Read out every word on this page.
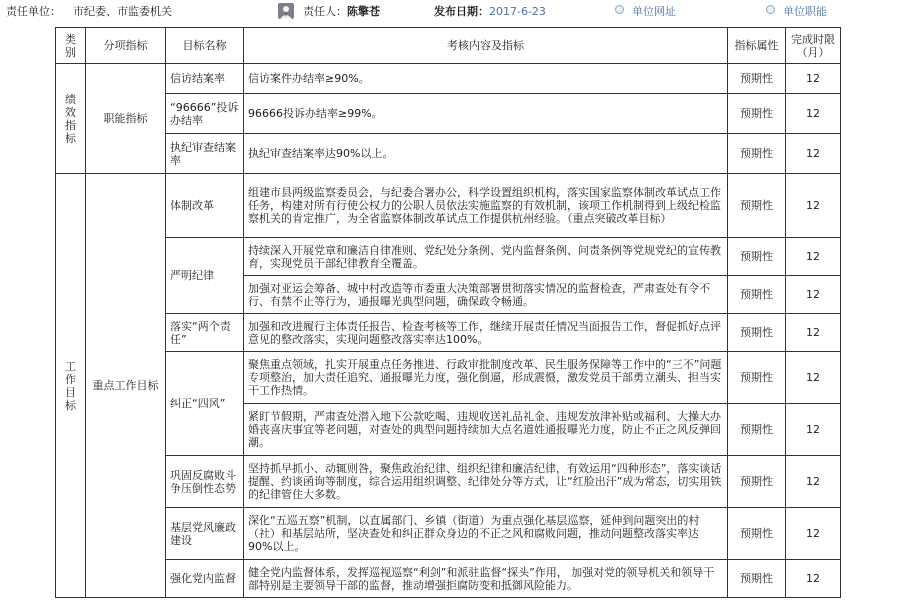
责任单位： 市纪委、市监委机关	责任人：陈擎苍	发布日期：2017-6-23	单位网址	单位职能
类别	分项指标	目标名称	考核内容及指标	指标属性	完成时限（月）
绩效指标	职能指标	信访结案率	信访案件办结率≥90%。	预期性	12
		“96666”投诉办结率	96666投诉办结率≥99%。	预期性	12
		执纪审查结案率	执纪审查结案率达90%以上。	预期性	12
工作目标	重点工作目标	体制改革	组建市县两级监察委员会，与纪委合署办公，科学设置组织机构，落实国家监察体制改革试点工作任务，构建对所有行使公权力的公职人员依法实施监察的有效机制，该项工作机制得到上级纪检监察机关的肯定推广，为全省监察体制改革试点工作提供杭州经验。（重点突破改革目标）	预期性	12
		严明纪律	持续深入开展党章和廉洁自律准则、党纪处分条例、党内监督条例、问责条例等党规党纪的宣传教育，实现党员干部纪律教育全覆盖。	预期性	12
			加强对亚运会筹备、城中村改造等市委重大决策部署贯彻落实情况的监督检查，严肃查处有令不行、有禁不止等行为，通报曝光典型问题，确保政令畅通。	预期性	12
		落实“两个责任”	加强和改进履行主体责任报告、检查考核等工作，继续开展责任情况当面报告工作，督促抓好点评意见的整改落实，实现问题整改落实率达100%。	预期性	12
		纠正“四风”	聚焦重点领域，扎实开展重点任务推进、行政审批制度改革、民生服务保障等工作中的“三不”问题专项整治，加大责任追究、通报曝光力度，强化倒逼，形成震慑，激发党员干部勇立潮头、担当实干工作热情。	预期性	12
			紧盯节假期，严肃查处潜入地下公款吃喝、违规收送礼品礼金、违规发放津补贴或福利、大操大办婚丧喜庆事宜等老问题，对查处的典型问题持续加大点名道姓通报曝光力度，防止不正之风反弹回潮。	预期性	12
		巩固反腐败斗争压倒性态势	坚持抓早抓小、动辄则咎，聚焦政治纪律、组织纪律和廉洁纪律，有效运用“四种形态”，落实谈话提醒、约谈函询等制度，综合运用组织调整、纪律处分等方式，让“红脸出汗”成为常态，切实用铁的纪律管住大多数。	预期性	12
		基层党风廉政建设	深化“五巡五察”机制，以直属部门、乡镇（街道）为重点强化基层巡察，延伸到问题突出的村（社）和基层站所，坚决查处和纠正群众身边的不正之风和腐败问题，推动问题整改落实率达90%以上。	预期性	12
		强化党内监督	健全党内监督体系，发挥巡视巡察“利剑”和派驻监督“探头”作用， 加强对党的领导机关和领导干部特别是主要领导干部的监督，推动增强拒腐防变和抵御风险能力。	预期性	12
